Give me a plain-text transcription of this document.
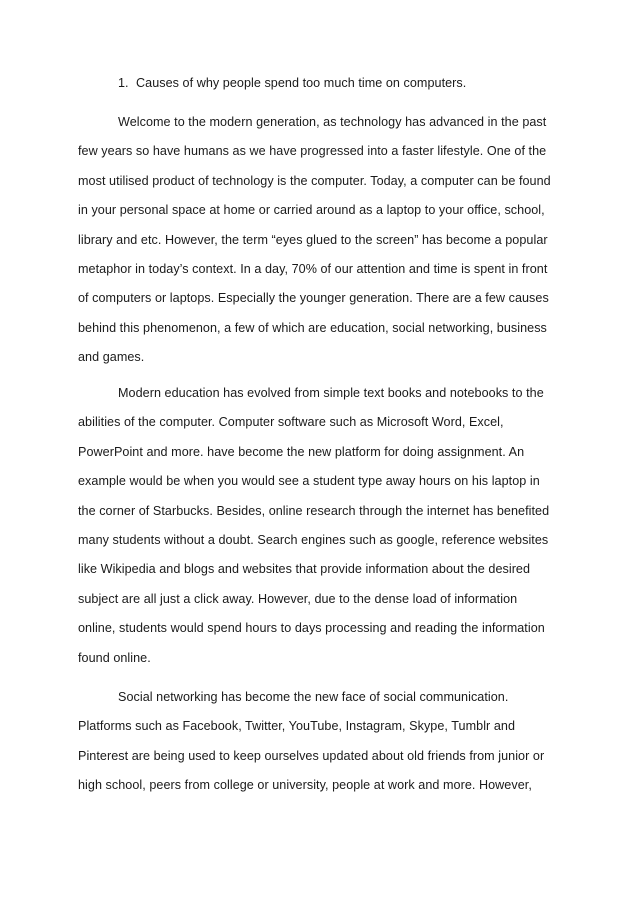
1. Causes of why people spend too much time on computers.

Welcome to the modern generation, as technology has advanced in the past
few years so have humans as we have progressed into a faster lifestyle. One of the
most utilised product of technology is the computer. Today, a computer can be found
in your personal space at home or carried around as a laptop to your office, school,
library and etc. However, the term “eyes glued to the screen” has become a popular
metaphor in today’s context. In a day, 70% of our attention and time is spent in front
of computers or laptops. Especially the younger generation. There are a few causes
behind this phenomenon, a few of which are education, social networking, business
and games.

Modern education has evolved from simple text books and notebooks to the
abilities of the computer. Computer software such as Microsoft Word, Excel,
PowerPoint and more. have become the new platform for doing assignment. An
example would be when you would see a student type away hours on his laptop in
the corner of Starbucks. Besides, online research through the internet has benefited
many students without a doubt. Search engines such as google, reference websites
like Wikipedia and blogs and websites that provide information about the desired
subject are all just a click away. However, due to the dense load of information
online, students would spend hours to days processing and reading the information
found online.

Social networking has become the new face of social communication.
Platforms such as Facebook, Twitter, YouTube, Instagram, Skype, Tumblr and
Pinterest are being used to keep ourselves updated about old friends from junior or
high school, peers from college or university, people at work and more. However,
